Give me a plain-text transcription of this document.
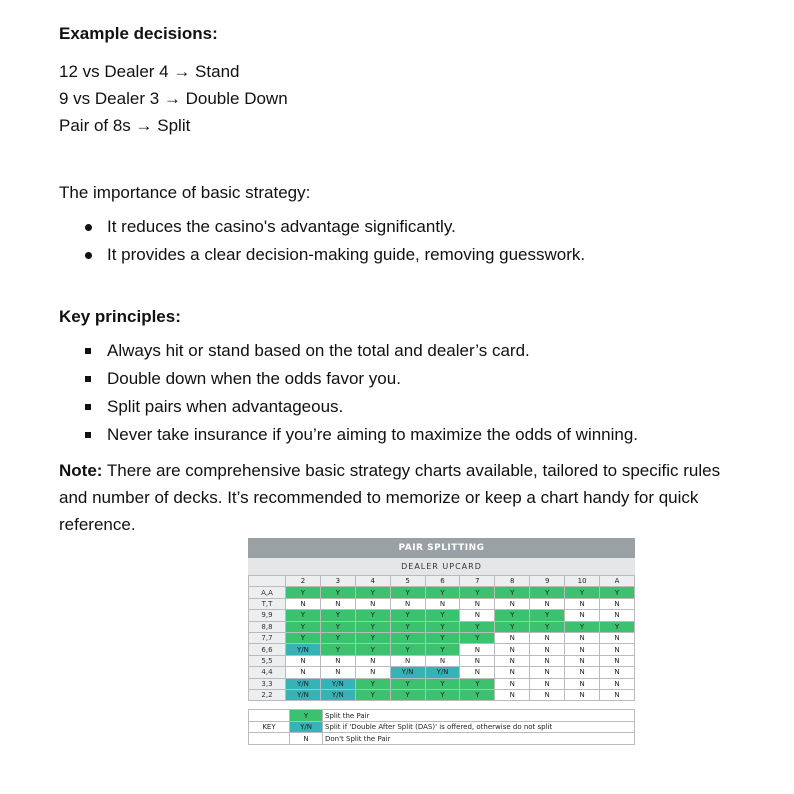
Example decisions:
12 vs Dealer 4 → Stand
9 vs Dealer 3 → Double Down
Pair of 8s → Split
The importance of basic strategy:
It reduces the casino's advantage significantly.
It provides a clear decision-making guide, removing guesswork.
Key principles:
Always hit or stand based on the total and dealer’s card.
Double down when the odds favor you.
Split pairs when advantageous.
Never take insurance if you’re aiming to maximize the odds of winning.
Note: There are comprehensive basic strategy charts available, tailored to specific rules and number of decks. It’s recommended to memorize or keep a chart handy for quick reference.
PAIR SPLITTING
DEALER UPCARD
	2	3	4	5	6	7	8	9	10	A
A,A	Y	Y	Y	Y	Y	Y	Y	Y	Y	Y
T,T	N	N	N	N	N	N	N	N	N	N
9,9	Y	Y	Y	Y	Y	N	Y	Y	N	N
8,8	Y	Y	Y	Y	Y	Y	Y	Y	Y	Y
7,7	Y	Y	Y	Y	Y	Y	N	N	N	N
6,6	Y/N	Y	Y	Y	Y	N	N	N	N	N
5,5	N	N	N	N	N	N	N	N	N	N
4,4	N	N	N	Y/N	Y/N	N	N	N	N	N
3,3	Y/N	Y/N	Y	Y	Y	Y	N	N	N	N
2,2	Y/N	Y/N	Y	Y	Y	Y	N	N	N	N
	Y	Split the Pair
KEY	Y/N	Split if 'Double After Split (DAS)' is offered, otherwise do not split
	N	Don't Split the Pair
